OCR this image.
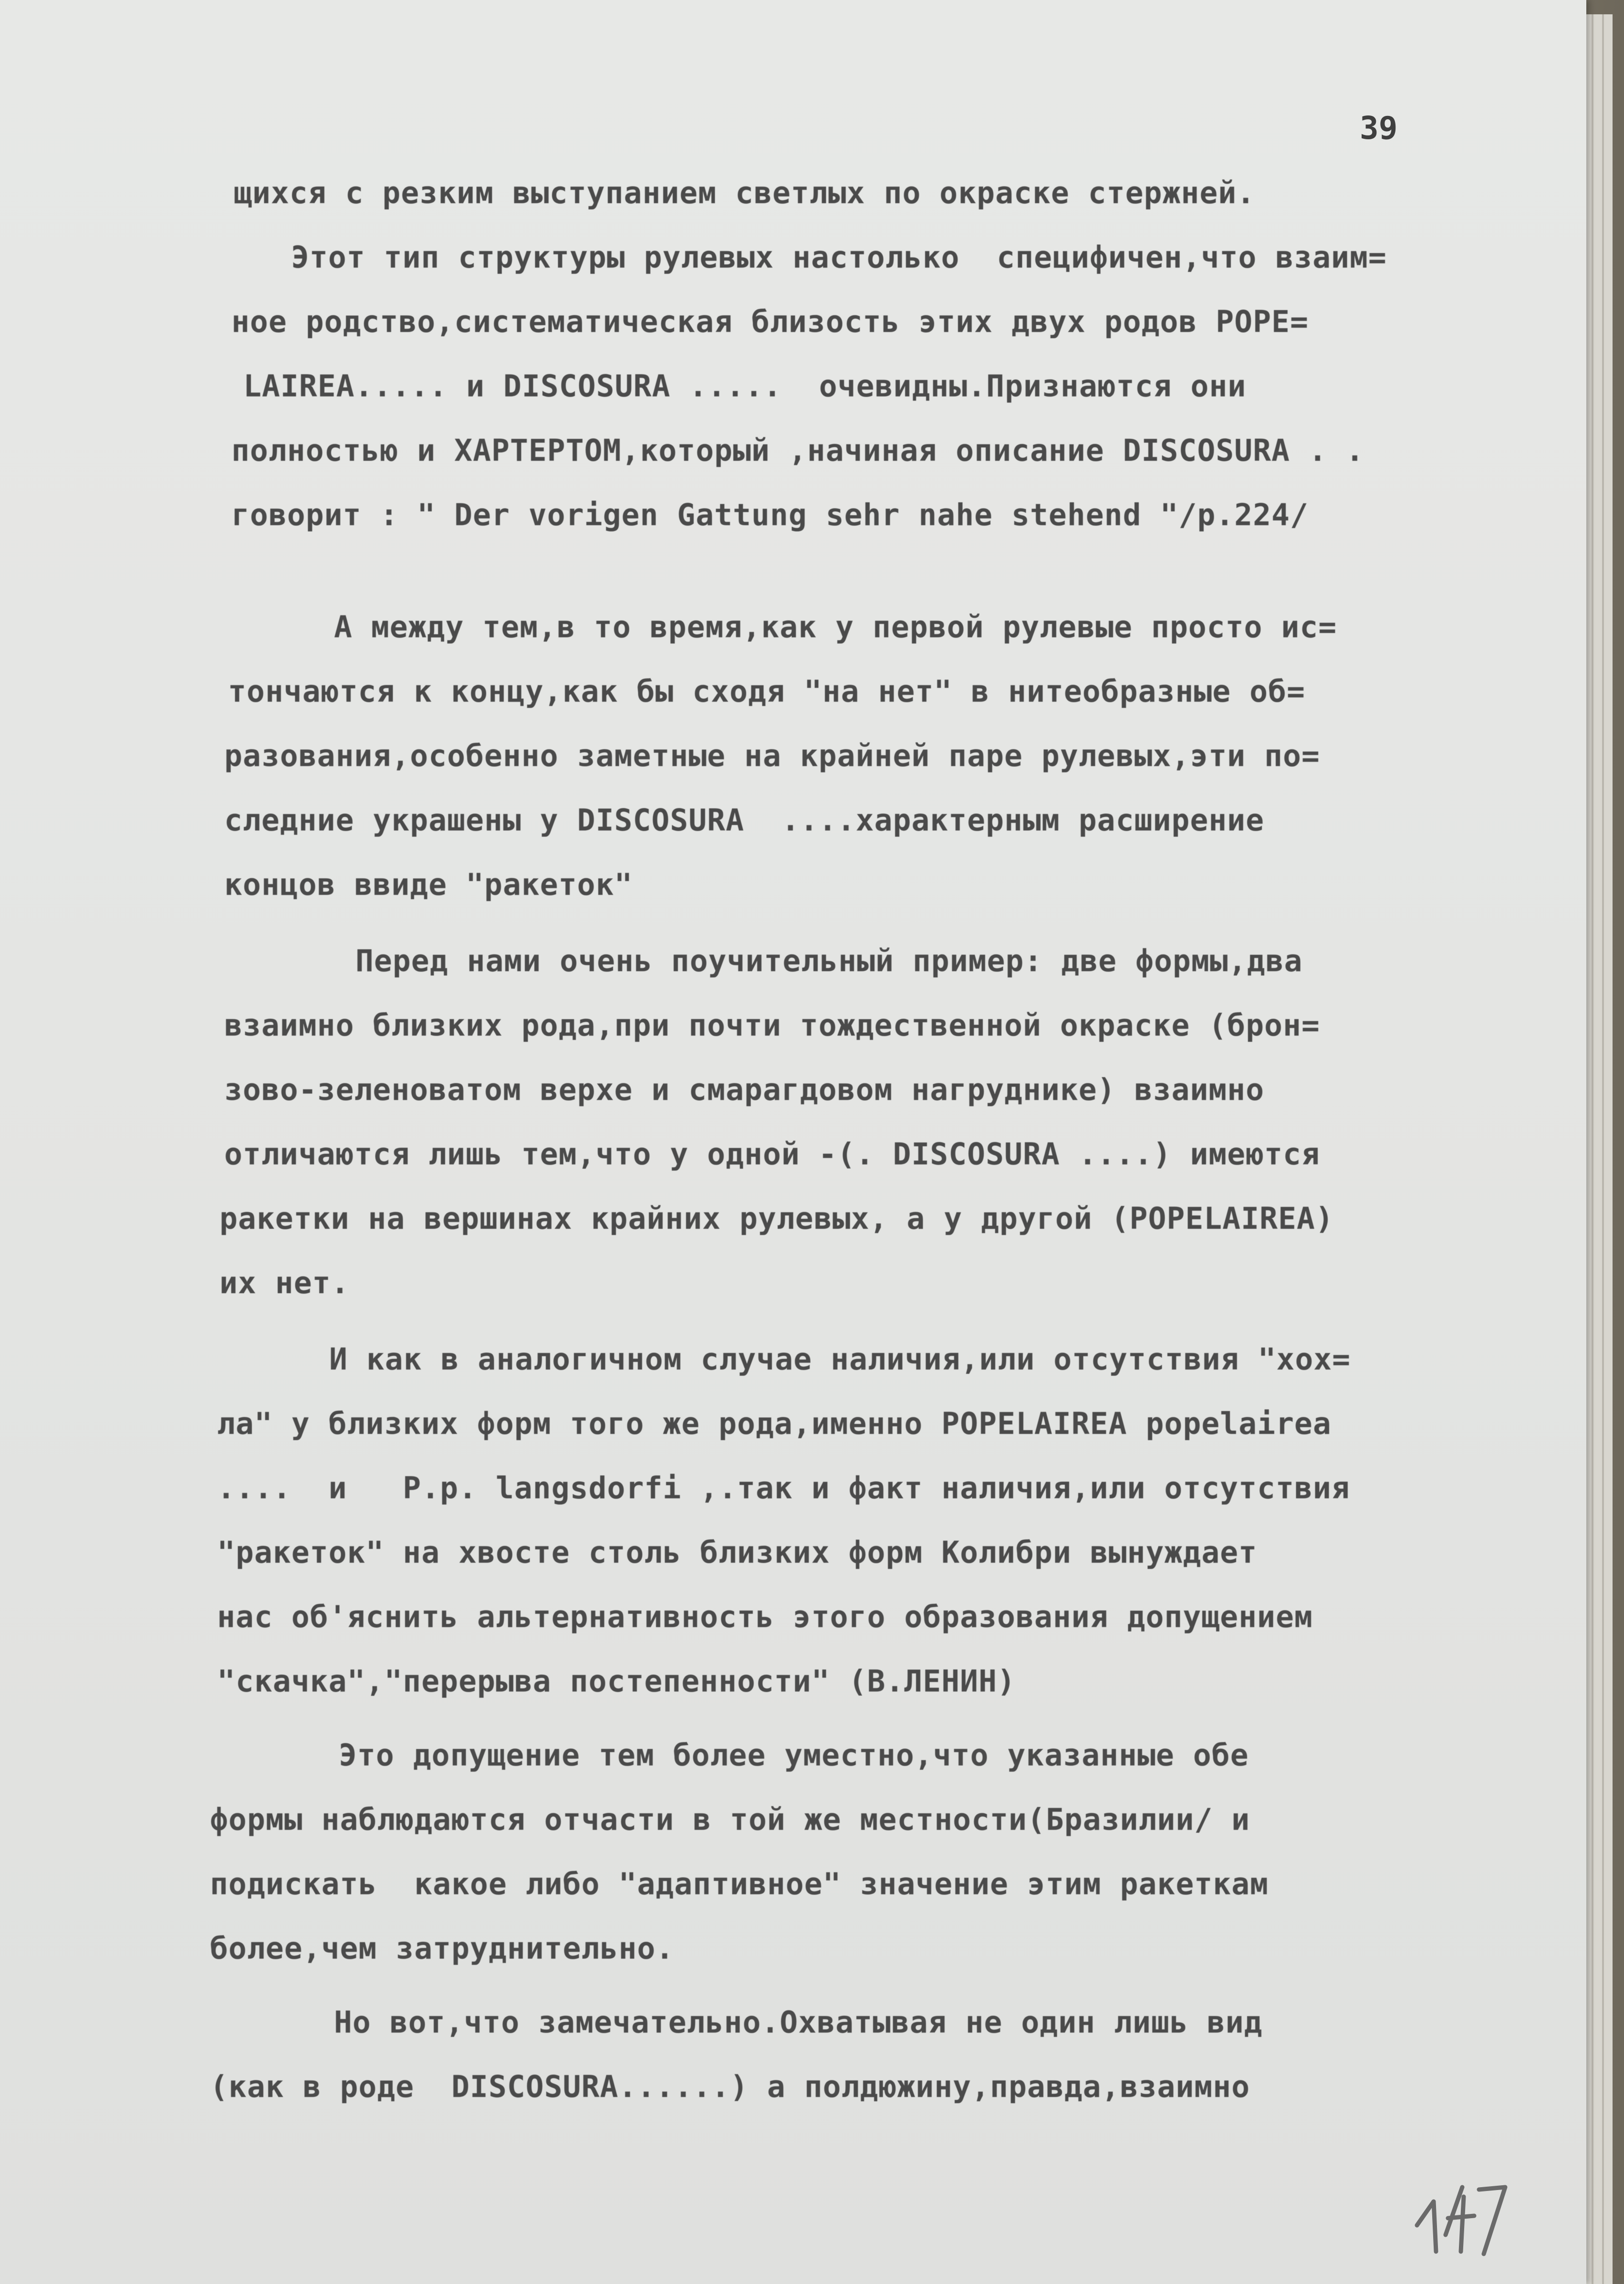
39
щихся с резким выступанием светлых по окраске стержней.
Этот тип структуры рулевых настолько  специфичен,что взаим=
ное родство,систематическая близость этих двух родов POPE=
LAIREA..... и DISCOSURA .....  очевидны.Признаются они
полностью и ХАРТЕРТОМ,который ,начиная описание DISCOSURA . .
говорит : " Der vorigen Gattung sehr nahe stehend "/p.224/
А между тем,в то время,как у первой рулевые просто ис=
тончаются к концу,как бы сходя "на нет" в нитеобразные об=
разования,особенно заметные на крайней паре рулевых,эти по=
следние украшены у DISCOSURA  ....характерным расширение
концов ввиде "ракеток"
Перед нами очень поучительный пример: две формы,два
взаимно близких рода,при почти тождественной окраске (брон=
зово-зеленоватом верхе и смарагдовом нагруднике) взаимно
отличаются лишь тем,что у одной -(. DISCOSURA ....) имеются
ракетки на вершинах крайних рулевых, а у другой (POPELAIREA)
их нет.
И как в аналогичном случае наличия,или отсутствия "хох=
ла" у близких форм того же рода,именно POPELAIREA popelairea
....  и   P.p. langsdorfi ,.так и факт наличия,или отсутствия
"ракеток" на хвосте столь близких форм Колибри вынуждает
нас об'яснить альтернативность этого образования допущением
"скачка","перерыва постепенности" (В.ЛЕНИН)
Это допущение тем более уместно,что указанные обе
формы наблюдаются отчасти в той же местности(Бразилии/ и
подискать  какое либо "адаптивное" значение этим ракеткам
более,чем затруднительно.
Но вот,что замечательно.Охватывая не один лишь вид
(как в роде  DISCOSURA......) а полдюжину,правда,взаимно
